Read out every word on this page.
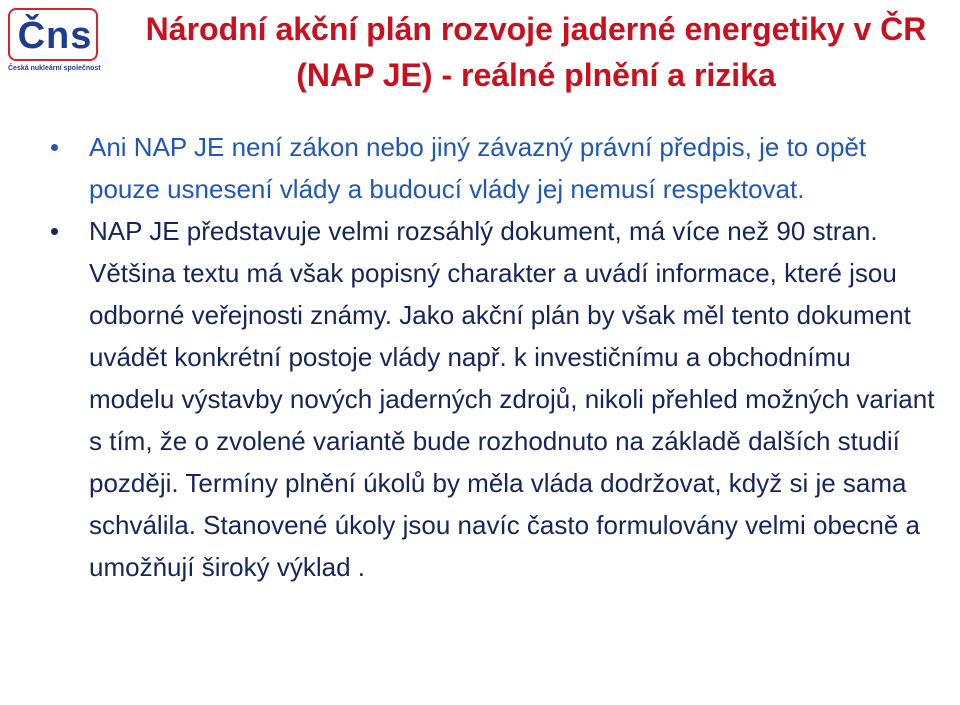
Čns
Česká nukleární společnost
Národní akční plán rozvoje jaderné energetiky v ČR (NAP JE) - reálné plnění a rizika
Ani NAP JE není zákon nebo jiný závazný právní předpis, je to opět pouze usnesení vlády a budoucí vlády jej nemusí respektovat.
NAP JE představuje velmi rozsáhlý dokument, má více než 90 stran. Většina textu má však popisný charakter a uvádí informace, které jsou odborné veřejnosti známy. Jako akční plán by však měl tento dokument uvádět konkrétní postoje vlády např. k investičnímu a obchodnímu modelu výstavby nových jaderných zdrojů, nikoli přehled možných variant s tím, že o zvolené variantě bude rozhodnuto na základě dalších studií později. Termíny plnění úkolů by měla vláda dodržovat, když si je sama schválila. Stanovené úkoly jsou navíc často formulovány velmi obecně a umožňují široký výklad .
